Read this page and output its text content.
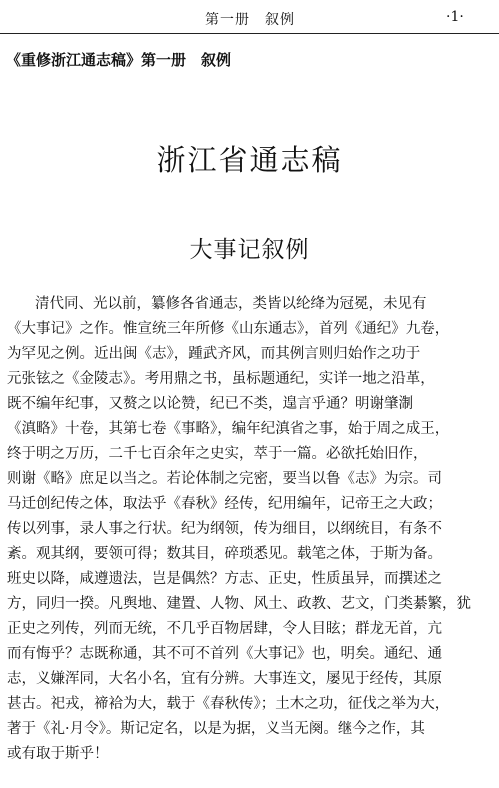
第一册　叙例	·1·
《重修浙江通志稿》第一册　叙例
浙江省通志稿
大事记叙例
清代同、光以前，纂修各省通志，类皆以纶绛为冠冕，未见有
《大事记》之作。惟宣统三年所修《山东通志》，首列《通纪》九卷，
为罕见之例。近出闽《志》，踵武齐风，而其例言则归始作之功于
元张铉之《金陵志》。考用鼎之书，虽标题通纪，实详一地之沿革，
既不编年纪事，又赘之以论赞，纪已不类，遑言乎通？明谢肇淛
《滇略》十卷，其第七卷《事略》，编年纪滇省之事，始于周之成王，
终于明之万历，二千七百余年之史实，萃于一篇。必欲托始旧作，
则谢《略》庶足以当之。若论体制之完密，要当以鲁《志》为宗。司
马迁创纪传之体，取法乎《春秋》经传，纪用编年，记帝王之大政；
传以列事，录人事之行状。纪为纲领，传为细目，以纲统目，有条不
紊。观其纲，要领可得；数其目，碎琐悉见。载笔之体，于斯为备。
班史以降，咸遵遗法，岂是偶然？方志、正史，性质虽异，而撰述之
方，同归一揆。凡舆地、建置、人物、风土、政教、艺文，门类綦繁，犹
正史之列传，列而无统，不几乎百物居肆，令人目眩；群龙无首，亢
而有悔乎？志既称通，其不可不首列《大事记》也，明矣。通纪、通
志，义嫌浑同，大名小名，宜有分辨。大事连文，屡见于经传，其原
甚古。祀戎，禘袷为大，载于《春秋传》；土木之功，征伐之举为大，
著于《礼·月令》。斯记定名，以是为据，义当无阕。继今之作，其
或有取于斯乎！
